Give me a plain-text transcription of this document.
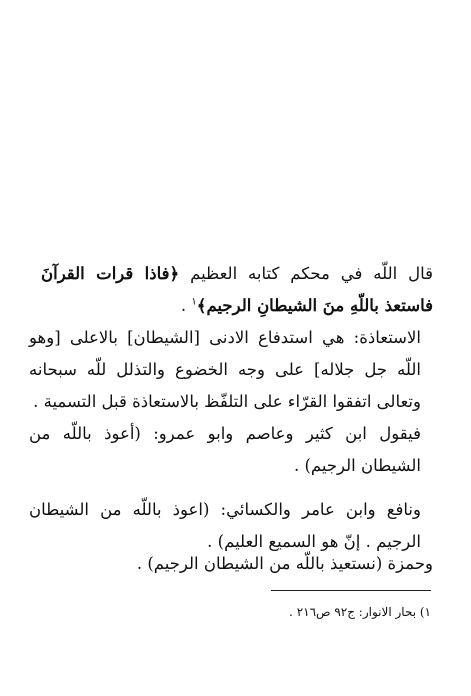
قال اللّه في محكم كتابه العظيم ﴿فاذا قرات القرآنَ فاستعذ باللّهِ منَ الشيطانِ الرجيم﴾$^١$ .
الاستعاذة: هي استدفاع الادنى [الشيطان] بالاعلى [وهو اللّه جل جلاله] على وجه الخضوع والتذلل للّه سبحانه وتعالى اتفقوا القرّاء على التلفّظ بالاستعاذة قبل التسمية .
فيقول ابن كثير وعاصم وابو عمرو: (أعوذ باللّه من الشيطان الرجيم) .
ونافع وابن عامر والكسائي: (اعوذ باللّه من الشيطان الرجيم . إنّ هو السميع العليم) .
وحمزة (نستعيذ باللّه من الشيطان الرجيم) .
١) بحار الانوار: ج٩٢ ص٢١٦ .
